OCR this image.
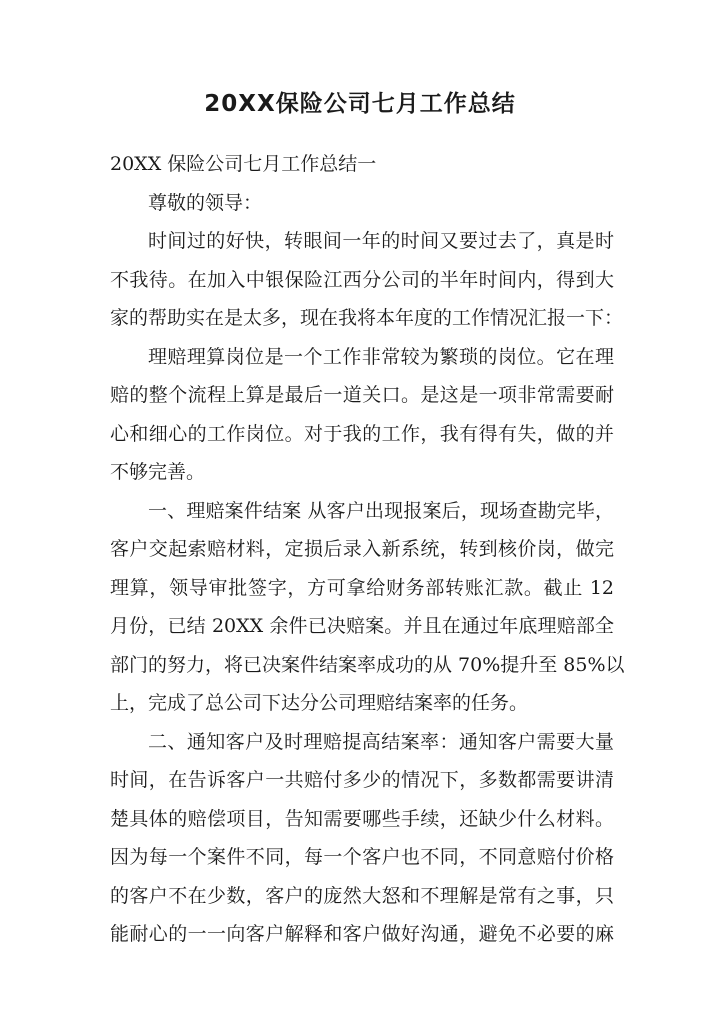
20XX保险公司七月工作总结

20XX 保险公司七月工作总结一

尊敬的领导：

时间过的好快，转眼间一年的时间又要过去了，真是时
不我待。在加入中银保险江西分公司的半年时间内，得到大
家的帮助实在是太多，现在我将本年度的工作情况汇报一下：
理赔理算岗位是一个工作非常较为繁琐的岗位。它在理
赔的整个流程上算是最后一道关口。是这是一项非常需要耐
心和细心的工作岗位。对于我的工作，我有得有失，做的并
不够完善。
一、理赔案件结案 从客户出现报案后，现场查勘完毕，
客户交起索赔材料，定损后录入新系统，转到核价岗，做完
理算，领导审批签字，方可拿给财务部转账汇款。截止 12
月份，已结 20XX 余件已决赔案。并且在通过年底理赔部全
部门的努力，将已决案件结案率成功的从 70%提升至 85%以
上，完成了总公司下达分公司理赔结案率的任务。
二、通知客户及时理赔提高结案率：通知客户需要大量
时间，在告诉客户一共赔付多少的情况下，多数都需要讲清
楚具体的赔偿项目，告知需要哪些手续，还缺少什么材料。
因为每一个案件不同，每一个客户也不同，不同意赔付价格
的客户不在少数，客户的庞然大怒和不理解是常有之事，只
能耐心的一一向客户解释和客户做好沟通，避免不必要的麻
